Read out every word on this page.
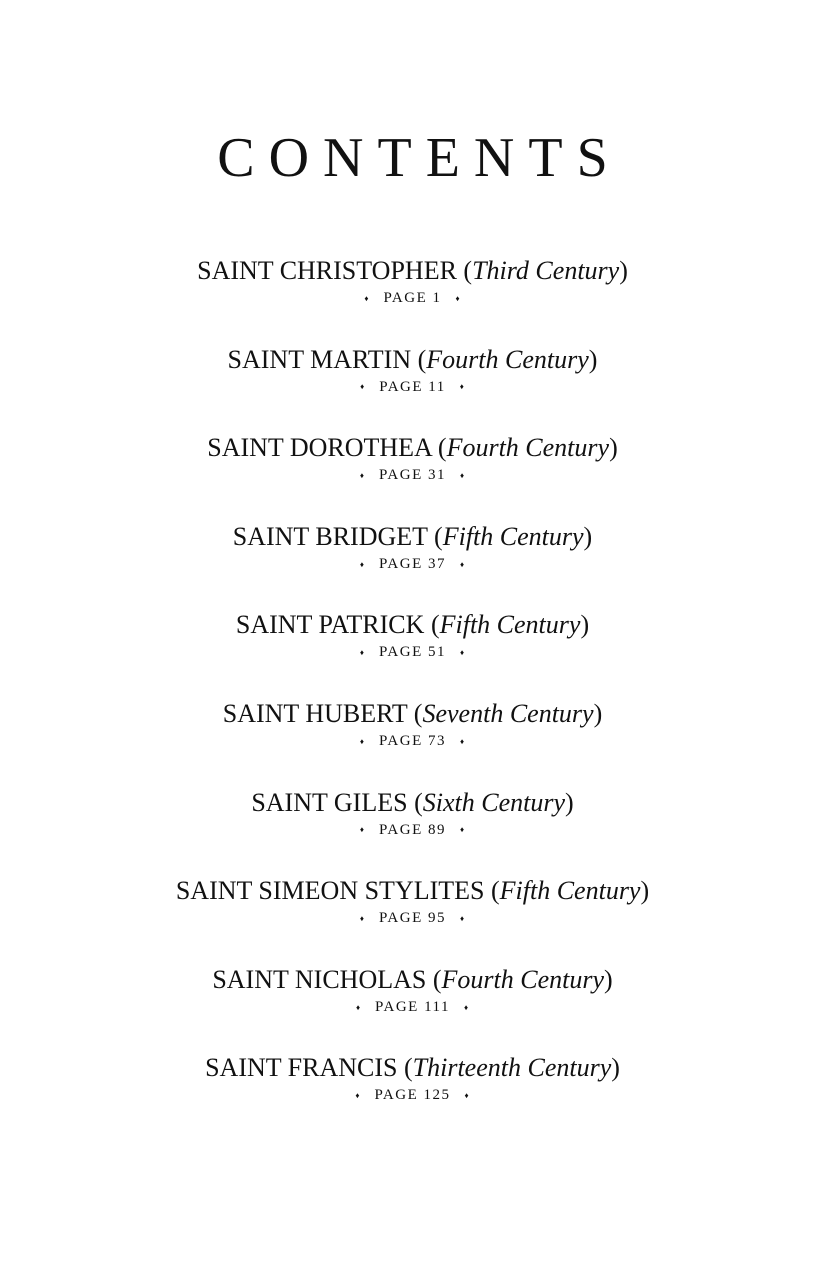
CONTENTS
SAINT CHRISTOPHER (Third Century)
♦ PAGE 1 ♦
SAINT MARTIN (Fourth Century)
♦ PAGE 11 ♦
SAINT DOROTHEA (Fourth Century)
♦ PAGE 31 ♦
SAINT BRIDGET (Fifth Century)
♦ PAGE 37 ♦
SAINT PATRICK (Fifth Century)
♦ PAGE 51 ♦
SAINT HUBERT (Seventh Century)
♦ PAGE 73 ♦
SAINT GILES (Sixth Century)
♦ PAGE 89 ♦
SAINT SIMEON STYLITES (Fifth Century)
♦ PAGE 95 ♦
SAINT NICHOLAS (Fourth Century)
♦ PAGE 111 ♦
SAINT FRANCIS (Thirteenth Century)
♦ PAGE 125 ♦
